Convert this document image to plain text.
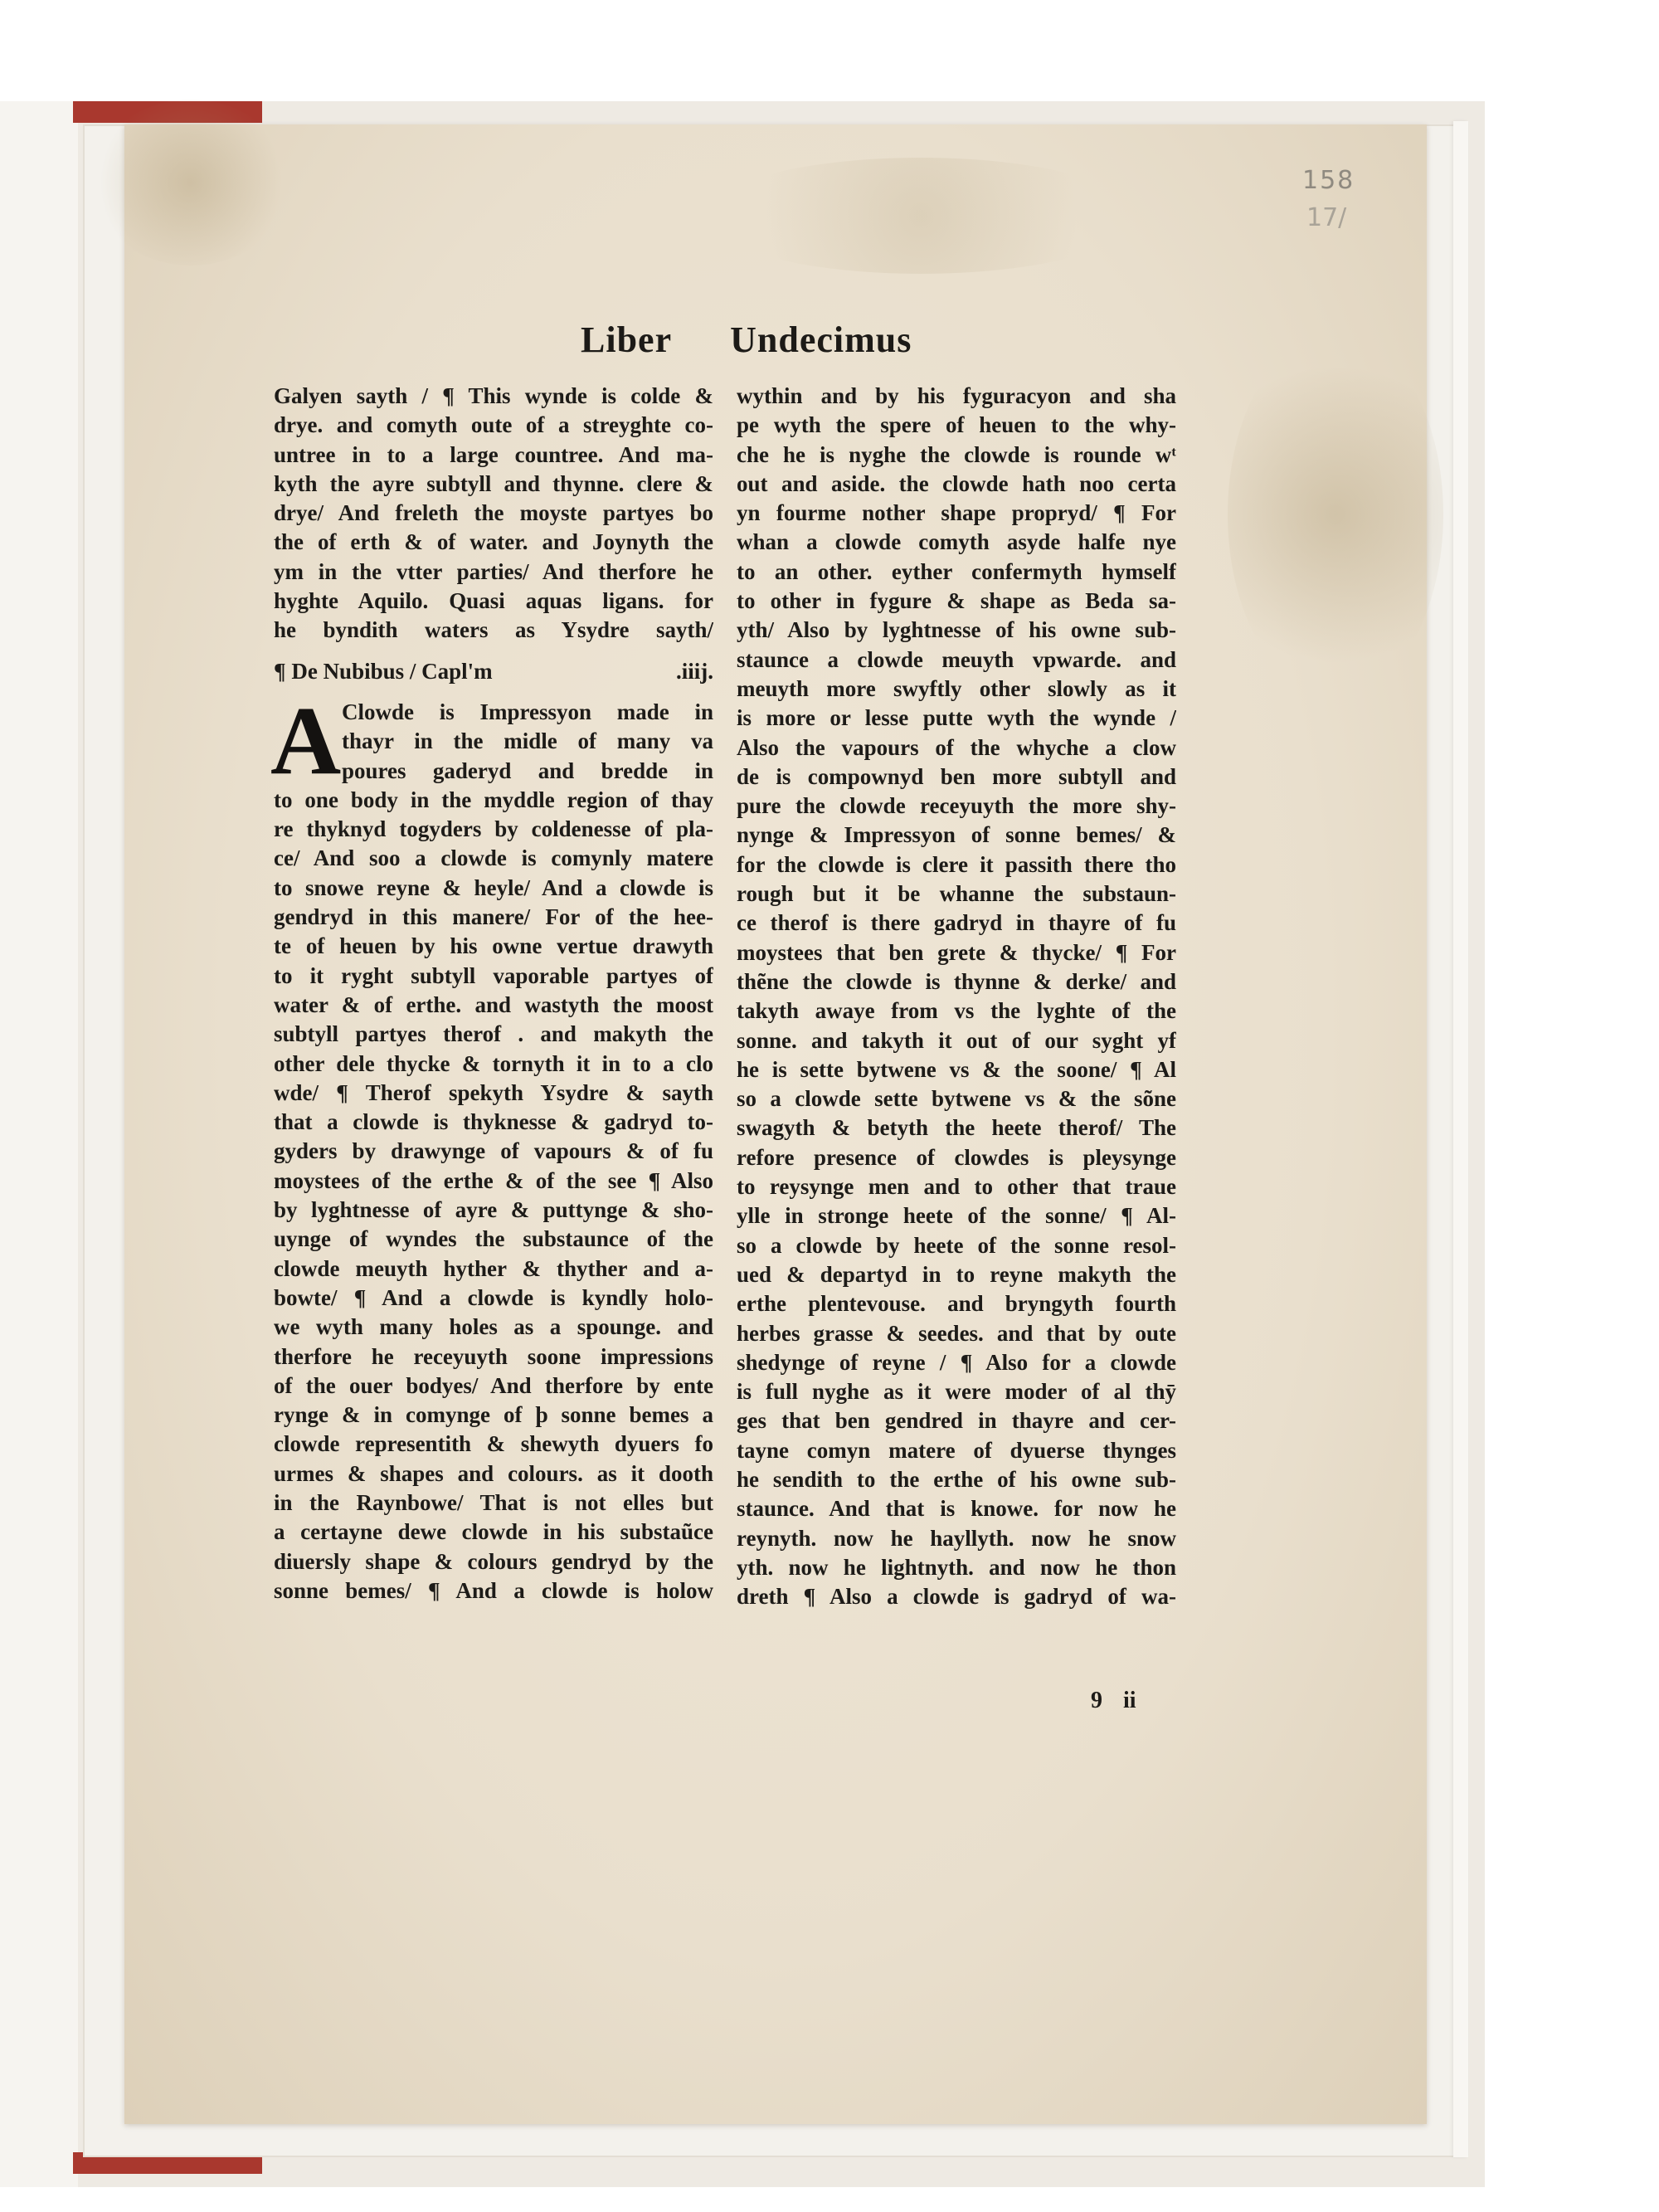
158
17/
Liber Undecimus
Galyen sayth / ¶ This wynde is colde &
drye. and comyth oute of a streyghte co-
untree in to a large countree. And ma-
kyth the ayre subtyll and thynne. clere &
drye/ And freleth the moyste partyes bo
the of erth & of water. and Joynyth the
ym in the vtter parties/ And therfore he
hyghte Aquilo. Quasi aquas ligans. for
he byndith waters as Ysydre sayth/
¶ De Nubibus / Capl'm	.iiij.
A Clowde is Impressyon made in
thayr in the midle of many va
poures gaderyd and bredde in
to one body in the myddle region of thay
re thyknyd togyders by coldenesse of pla-
ce/ And soo a clowde is comynly matere
to snowe reyne & heyle/ And a clowde is
gendryd in this manere/ For of the hee-
te of heuen by his owne vertue drawyth
to it ryght subtyll vaporable partyes of
water & of erthe. and wastyth the moost
subtyll partyes therof . and makyth the
other dele thycke & tornyth it in to a clo
wde/ ¶ Therof spekyth Ysydre & sayth
that a clowde is thyknesse & gadryd to-
gyders by drawynge of vapours & of fu
moystees of the erthe & of the see ¶ Also
by lyghtnesse of ayre & puttynge & sho-
uynge of wyndes the substaunce of the
clowde meuyth hyther & thyther and a-
bowte/ ¶ And a clowde is kyndly holo-
we wyth many holes as a spounge. and
therfore he receyuyth soone impressions
of the ouer bodyes/ And therfore by ente
rynge & in comynge of þ sonne bemes a
clowde representith & shewyth dyuers fo
urmes & shapes and colours. as it dooth
in the Raynbowe/ That is not elles but
a certayne dewe clowde in his substaũce
diuersly shape & colours gendryd by the
sonne bemes/ ¶ And a clowde is holow
wythin and by his fyguracyon and sha
pe wyth the spere of heuen to the why-
che he is nyghe the clowde is rounde wᵗ
out and aside. the clowde hath noo certa
yn fourme nother shape propryd/ ¶ For
whan a clowde comyth asyde halfe nye
to an other. eyther confermyth hymself
to other in fygure & shape as Beda sa-
yth/ Also by lyghtnesse of his owne sub-
staunce a clowde meuyth vpwarde. and
meuyth more swyftly other slowly as it
is more or lesse putte wyth the wynde /
Also the vapours of the whyche a clow
de is compownyd ben more subtyll and
pure the clowde receyuyth the more shy-
nynge & Impressyon of sonne bemes/ &
for the clowde is clere it passith there tho
rough but it be whanne the substaun-
ce therof is there gadryd in thayre of fu
moystees that ben grete & thycke/ ¶ For
thẽne the clowde is thynne & derke/ and
takyth awaye from vs the lyghte of the
sonne. and takyth it out of our syght yf
he is sette bytwene vs & the soone/ ¶ Al
so a clowde sette bytwene vs & the sõne
swagyth & betyth the heete therof/ The
refore presence of clowdes is pleysynge
to reysynge men and to other that traue
ylle in stronge heete of the sonne/ ¶ Al-
so a clowde by heete of the sonne resol-
ued & departyd in to reyne makyth the
erthe plentevouse. and bryngyth fourth
herbes grasse & seedes. and that by oute
shedynge of reyne / ¶ Also for a clowde
is full nyghe as it were moder of al thȳ
ges that ben gendred in thayre and cer-
tayne comyn matere of dyuerse thynges
he sendith to the erthe of his owne sub-
staunce. And that is knowe. for now he
reynyth. now he hayllyth. now he snow
yth. now he lightnyth. and now he thon
dreth ¶ Also a clowde is gadryd of wa-
9 ii
